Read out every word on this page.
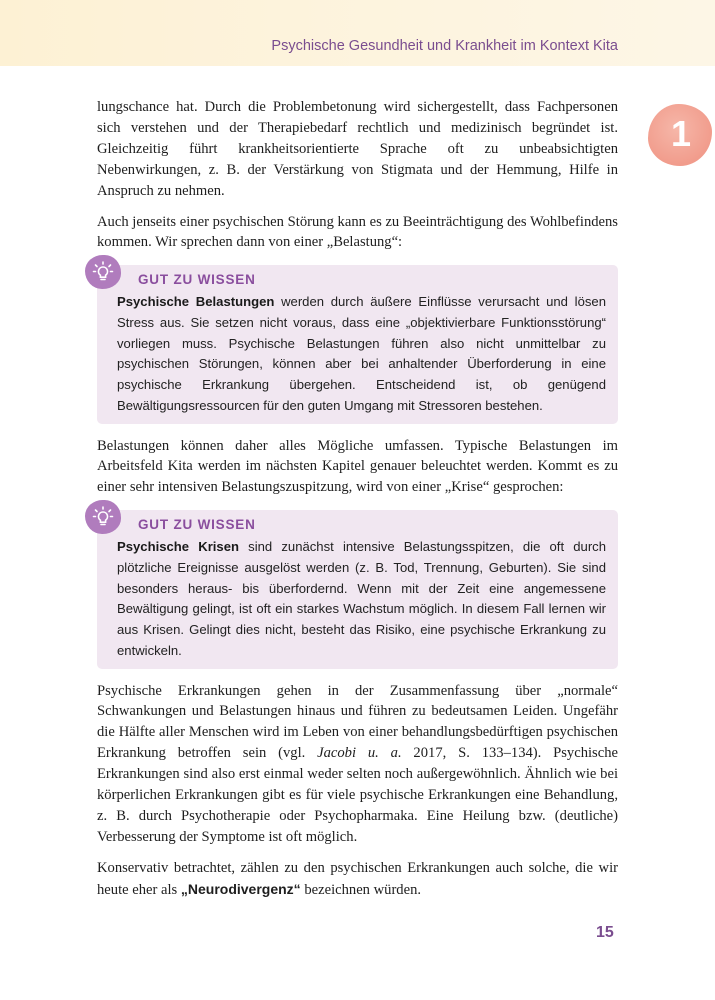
Psychische Gesundheit und Krankheit im Kontext Kita
1

lungschance hat. Durch die Problembetonung wird sichergestellt, dass Fachpersonen sich verstehen und der Therapiebedarf rechtlich und medizinisch begründet ist. Gleichzeitig führt krankheitsorientierte Sprache oft zu unbeabsichtigten Nebenwirkungen, z. B. der Verstärkung von Stigmata und der Hemmung, Hilfe in Anspruch zu nehmen.

Auch jenseits einer psychischen Störung kann es zu Beeinträchtigung des Wohlbefindens kommen. Wir sprechen dann von einer „Belastung“:

GUT ZU WISSEN

Psychische Belastungen werden durch äußere Einflüsse verursacht und lösen Stress aus. Sie setzen nicht voraus, dass eine „objektivierbare Funktionsstörung“ vorliegen muss. Psychische Belastungen führen also nicht unmittelbar zu psychischen Störungen, können aber bei anhaltender Überforderung in eine psychische Erkrankung übergehen. Entscheidend ist, ob genügend Bewältigungsressourcen für den guten Umgang mit Stressoren bestehen.

Belastungen können daher alles Mögliche umfassen. Typische Belastungen im Arbeitsfeld Kita werden im nächsten Kapitel genauer beleuchtet werden. Kommt es zu einer sehr intensiven Belastungszuspitzung, wird von einer „Krise“ gesprochen:

GUT ZU WISSEN

Psychische Krisen sind zunächst intensive Belastungsspitzen, die oft durch plötzliche Ereignisse ausgelöst werden (z. B. Tod, Trennung, Geburten). Sie sind besonders heraus- bis überfordernd. Wenn mit der Zeit eine angemessene Bewältigung gelingt, ist oft ein starkes Wachstum möglich. In diesem Fall lernen wir aus Krisen. Gelingt dies nicht, besteht das Risiko, eine psychische Erkrankung zu entwickeln.

Psychische Erkrankungen gehen in der Zusammenfassung über „normale“ Schwankungen und Belastungen hinaus und führen zu bedeutsamen Leiden. Ungefähr die Hälfte aller Menschen wird im Leben von einer behandlungsbedürftigen psychischen Erkrankung betroffen sein (vgl. Jacobi u. a. 2017, S. 133–134). Psychische Erkrankungen sind also erst einmal weder selten noch außergewöhnlich. Ähnlich wie bei körperlichen Erkrankungen gibt es für viele psychische Erkrankungen eine Behandlung, z. B. durch Psychotherapie oder Psychopharmaka. Eine Heilung bzw. (deutliche) Verbesserung der Symptome ist oft möglich.

Konservativ betrachtet, zählen zu den psychischen Erkrankungen auch solche, die wir heute eher als „Neurodivergenz“ bezeichnen würden.

15
